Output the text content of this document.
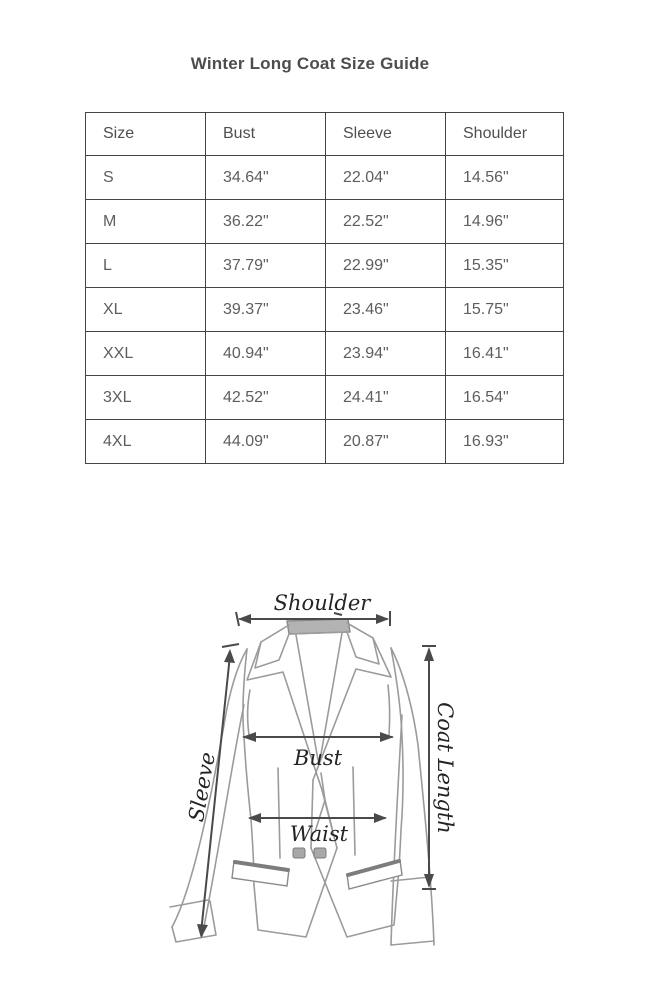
Winter Long Coat Size Guide
Size	Bust	Sleeve	Shoulder
S	34.64"	22.04"	14.56"
M	36.22"	22.52"	14.96"
L	37.79"	22.99"	15.35"
XL	39.37"	23.46"	15.75"
XXL	40.94"	23.94"	16.41"
3XL	42.52"	24.41"	16.54"
4XL	44.09"	20.87"	16.93"
Shoulder
Bust
Waist
Sleeve	Coat Length
